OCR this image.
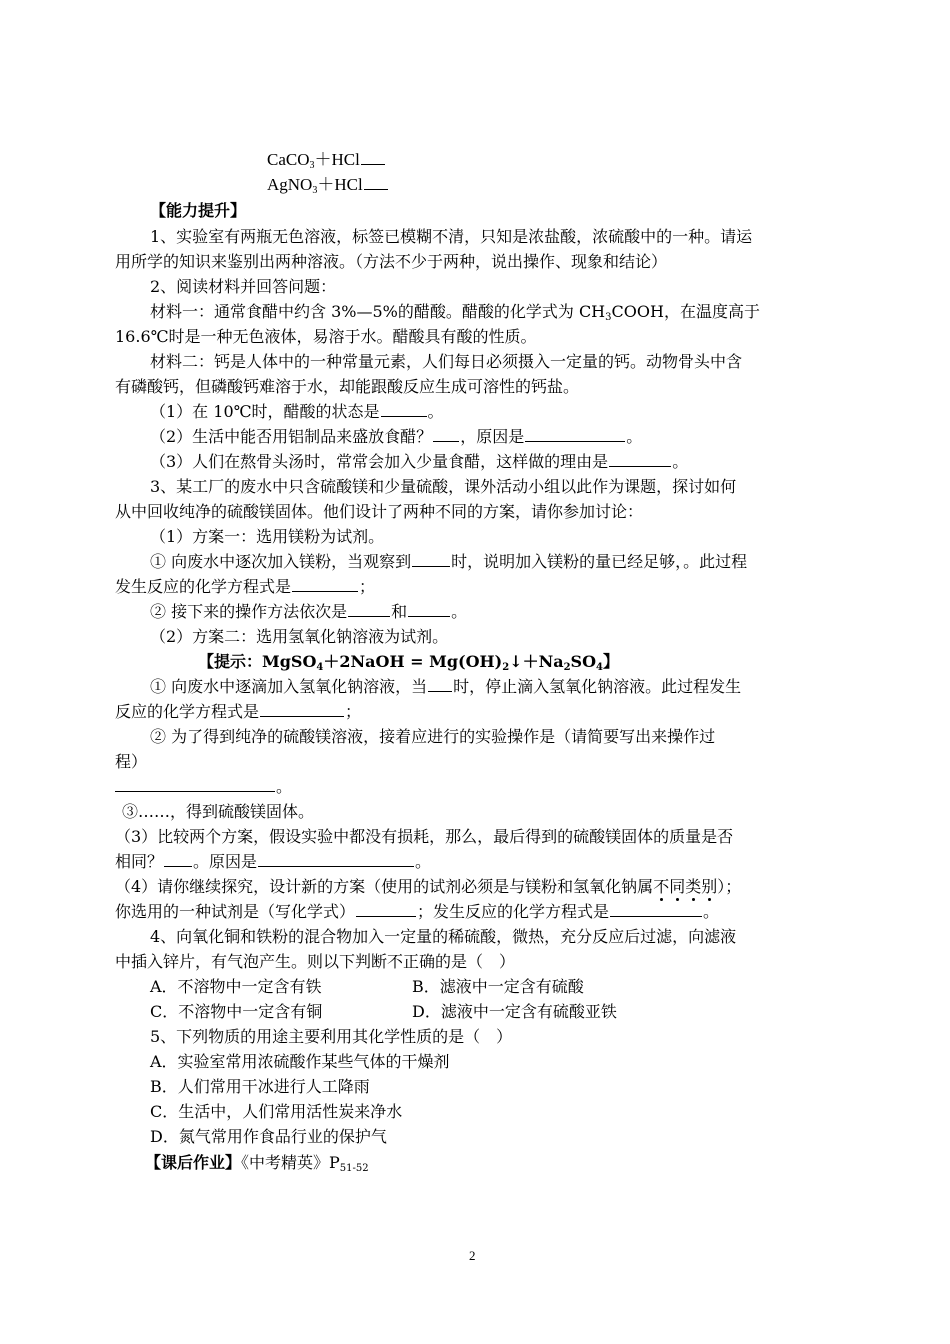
CaCO$_3$＋HCl
AgNO$_3$＋HCl
【能力提升】
1、实验室有两瓶无色溶液，标签已模糊不清，只知是浓盐酸，浓硫酸中的一种。请运
用所学的知识来鉴别出两种溶液。（方法不少于两种，说出操作、现象和结论）
2、阅读材料并回答问题：
材料一：通常食醋中约含 3%—5%的醋酸。醋酸的化学式为 $CH_3COOH$，在温度高于
16.6℃时是一种无色液体，易溶于水。醋酸具有酸的性质。
材料二：钙是人体中的一种常量元素，人们每日必须摄入一定量的钙。动物骨头中含
有磷酸钙，但磷酸钙难溶于水，却能跟酸反应生成可溶性的钙盐。
（1）在 10℃时，醋酸的状态是	。
（2）生活中能否用铝制品来盛放食醋？ ，原因是	。
（3）人们在熬骨头汤时，常常会加入少量食醋，这样做的理由是	。
3、某工厂的废水中只含硫酸镁和少量硫酸，课外活动小组以此作为课题，探讨如何
从中回收纯净的硫酸镁固体。他们设计了两种不同的方案，请你参加讨论：
（1）方案一：选用镁粉为试剂。
① 向废水中逐次加入镁粉，当观察到	时，说明加入镁粉的量已经足够，。此过程
发生反应的化学方程式是	；
② 接下来的操作方法依次是	和	。
（2）方案二：选用氢氧化钠溶液为试剂。
【提示：MgSO$_4$＋2NaOH = $Mg(OH)_2↓+Na_2SO_4$】
① 向废水中逐滴加入氢氧化钠溶液，当 时，停止滴入氢氧化钠溶液。此过程发生
反应的化学方程式是	；
② 为了得到纯净的硫酸镁溶液，接着应进行的实验操作是（请简要写出来操作过
程）
。
③……，得到硫酸镁固体。
（3）比较两个方案，假设实验中都没有损耗，那么，最后得到的硫酸镁固体的质量是否
相同？ 。原因是	。
（4）请你继续探究，设计新的方案（使用的试剂必须是与镁粉和氢氧化钠属不同类别）；
你选用的一种试剂是（写化学式）	；发生反应的化学方程式是	。
4、向氧化铜和铁粉的混合物加入一定量的稀硫酸，微热，充分反应后过滤，向滤液
中插入锌片，有气泡产生。则以下判断不正确的是（　）
A．不溶物中一定含有铁	B．滤液中一定含有硫酸
C．不溶物中一定含有铜	D．滤液中一定含有硫酸亚铁
5、下列物质的用途主要利用其化学性质的是（　）
A．实验室常用浓硫酸作某些气体的干燥剂
B．人们常用干冰进行人工降雨
C．生活中，人们常用活性炭来净水
D．氮气常用作食品行业的保护气
【课后作业】《中考精英》$P_{51-52}$
2
